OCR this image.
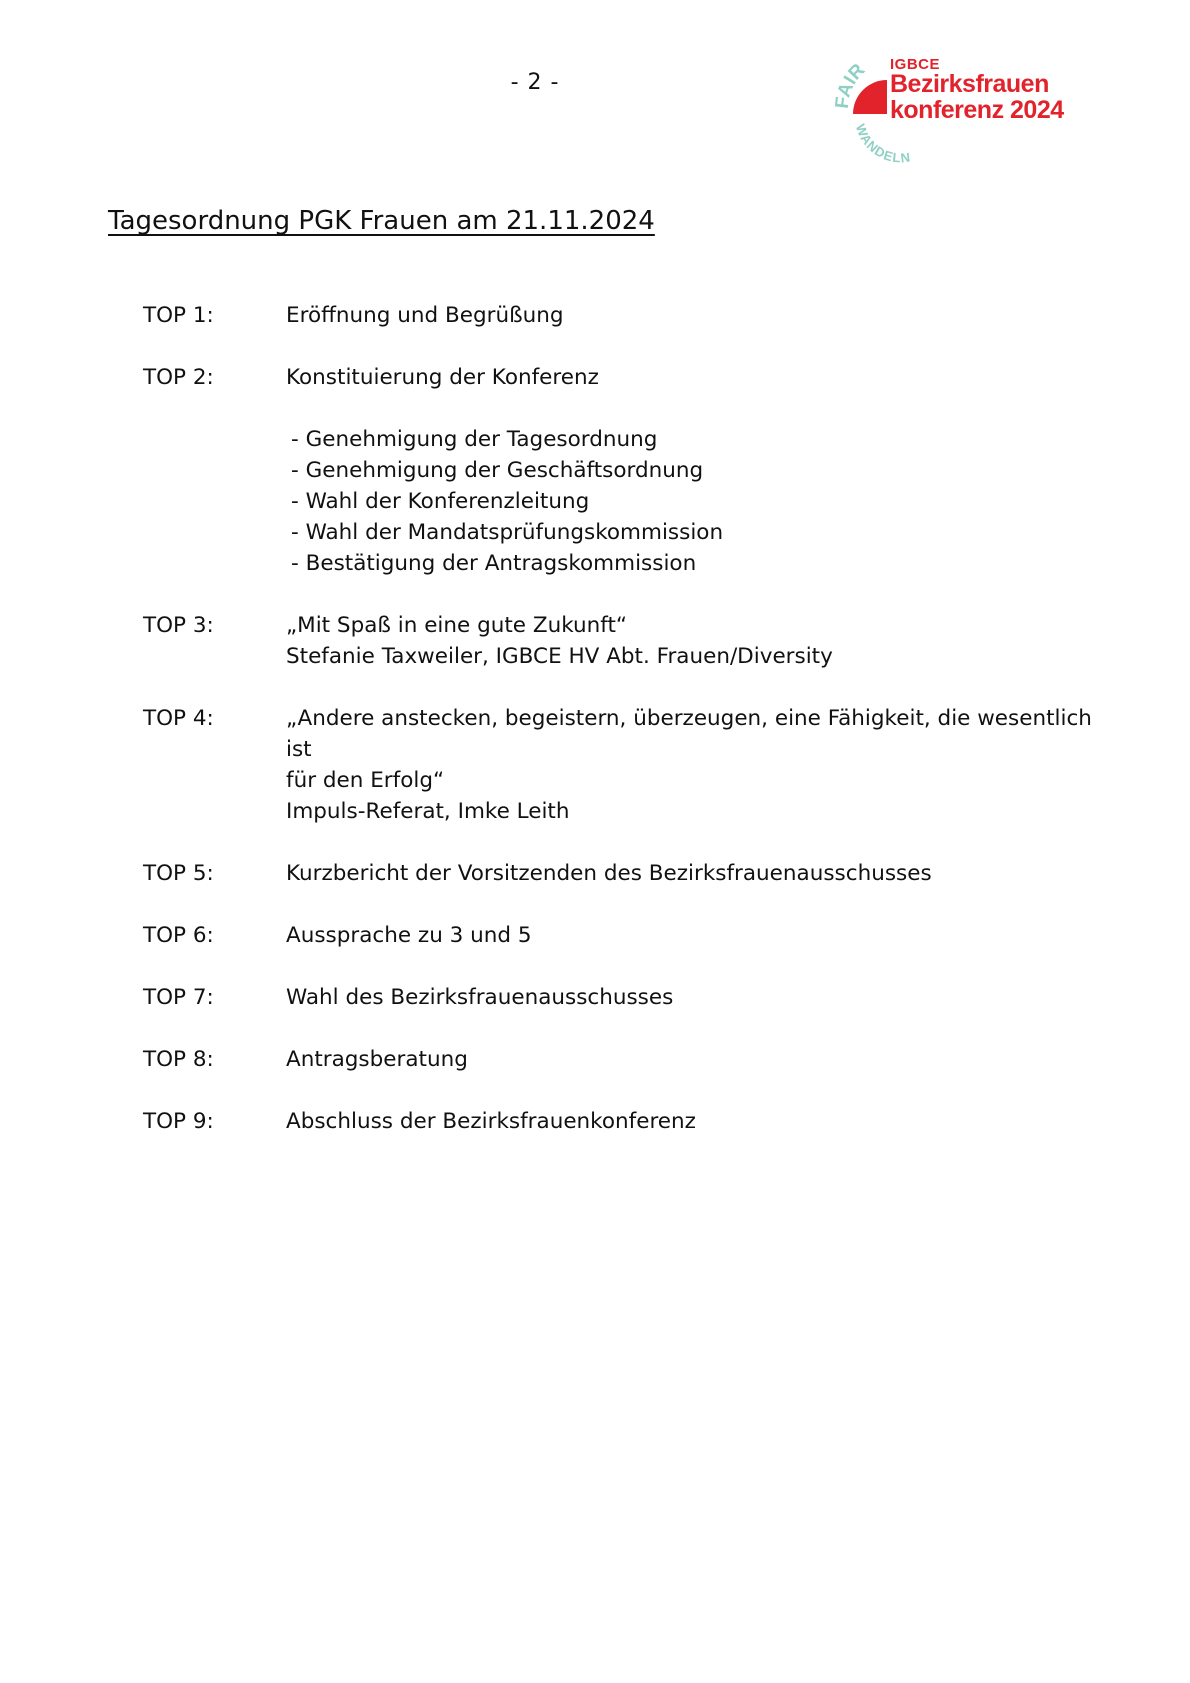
- 2 -
FAIR
WANDELN
IGBCE
Bezirksfrauen
konferenz 2024
Tagesordnung PGK Frauen am 21.11.2024
TOP 1:	Eröffnung und Begrüßung
TOP 2:	Konstituierung der Konferenz
- Genehmigung der Tagesordnung
- Genehmigung der Geschäftsordnung
- Wahl der Konferenzleitung
- Wahl der Mandatsprüfungskommission
- Bestätigung der Antragskommission
TOP 3:	„Mit Spaß in eine gute Zukunft“
Stefanie Taxweiler, IGBCE HV Abt. Frauen/Diversity
TOP 4:	„Andere anstecken, begeistern, überzeugen, eine Fähigkeit, die wesentlich ist
für den Erfolg“
Impuls-Referat, Imke Leith
TOP 5:	Kurzbericht der Vorsitzenden des Bezirksfrauenausschusses
TOP 6:	Aussprache zu 3 und 5
TOP 7:	Wahl des Bezirksfrauenausschusses
TOP 8:	Antragsberatung
TOP 9:	Abschluss der Bezirksfrauenkonferenz
